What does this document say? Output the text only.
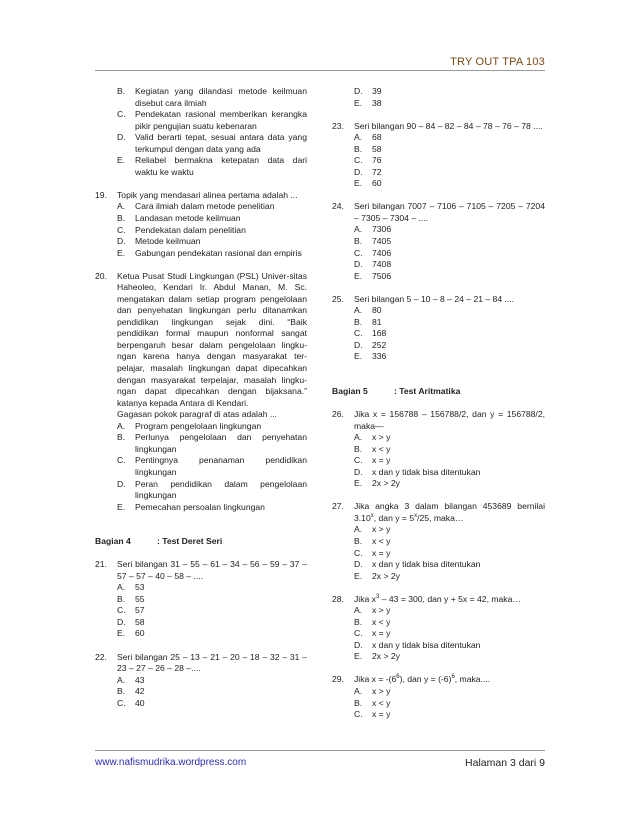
TRY OUT TPA 103
B.	Kegiatan yang dilandasi metode keilmuan disebut cara ilmiah
C.	Pendekatan rasional memberikan kerangka pikir pengujian suatu kebenaran
D.	Valid berarti tepat, sesuai antara data yang terkumpul dengan data yang ada
E.	Reliabel bermakna ketepatan data dari waktu ke waktu
19.	Topik yang mendasari alinea pertama adalah ...
A.	Cara ilmiah dalam metode penelitian
B.	Landasan metode keilmuan
C.	Pendekatan dalam penelitian
D.	Metode keilmuan
E.	Gabungan pendekatan rasional dan empiris
20.	Ketua Pusat Studi Lingkungan (PSL) Univer-sitas Haheoleo, Kendari Ir. Abdul Manan, M. Sc. mengatakan dalam setiap program pengelolaan dan penyehatan lingkungan perlu ditanamkan pendidikan lingkungan sejak dini. “Baik pendidikan formal maupun nonformal sangat berpengaruh besar dalam pengelolaan lingku-ngan karena hanya dengan masyarakat ter-pelajar, masalah lingkungan dapat dipecahkan dengan masyarakat terpelajar, masalah lingku-ngan dapat dipecahkan dengan bijaksana.” katanya kepada Antara di Kendari.
Gagasan pokok paragraf di atas adalah ...
A.	Program pengelolaan lingkungan
B.	Perlunya pengelolaan dan penyehatan lingkungan
C.	Pentingnya penanaman pendidikan lingkungan
D.	Peran pendidikan dalam pengelolaan lingkungan
E.	Pemecahan persoalan lingkungan
Bagian 4	: Test Deret Seri
21.	Seri bilangan 31 – 55 – 61 – 34 – 56 – 59 – 37 – 57 – 57 – 40 – 58 – ....
A.	53
B.	55
C.	57
D.	58
E.	60
22.	Seri bilangan 25 – 13 – 21 – 20 – 18 – 32 – 31 – 23 – 27 – 26 – 28 –....
A.	43
B.	42
C.	40
D.	39
E.	38
23.	Seri bilangan 90 – 84 – 82 – 84 – 78 – 76 – 78 ....
A.	68
B.	58
C.	76
D.	72
E.	60
24.	Seri bilangan 7007 – 7106 – 7105 – 7205 – 7204 – 7305 – 7304 – ....
A.	7306
B.	7405
C.	7406
D.	7408
E.	7506
25.	Seri bilangan 5 – 10 – 8 – 24 – 21 – 84 ....
A.	80
B.	81
C.	168
D.	252
E.	336
Bagian 5	: Test Aritmatika
26.	Jika x = 156788 – 156788/2, dan y = 156788/2, maka—
A.	x > y
B.	x < y
C.	x = y
D.	x dan y tidak bisa ditentukan
E.	2x > 2y
27.	Jika angka 3 dalam bilangan 453689 bernilai 3.10$^x$, dan $y = 5^x/25$, maka…
A.	x > y
B.	x < y
C.	x = y
D.	x dan y tidak bisa ditentukan
E.	2x > 2y
28.	Jika $x^3 - 43 = 300$, dan y + 5x = 42, maka…
A.	x > y
B.	x < y
C.	x = y
D.	x dan y tidak bisa ditentukan
E.	2x > 2y
29.	Jika $x = -(6^6)$, dan $y = (-6)^6$, maka....
A.	x > y
B.	x < y
C.	x = y
www.nafismudrika.wordpress.com	Halaman 3 dari 9
